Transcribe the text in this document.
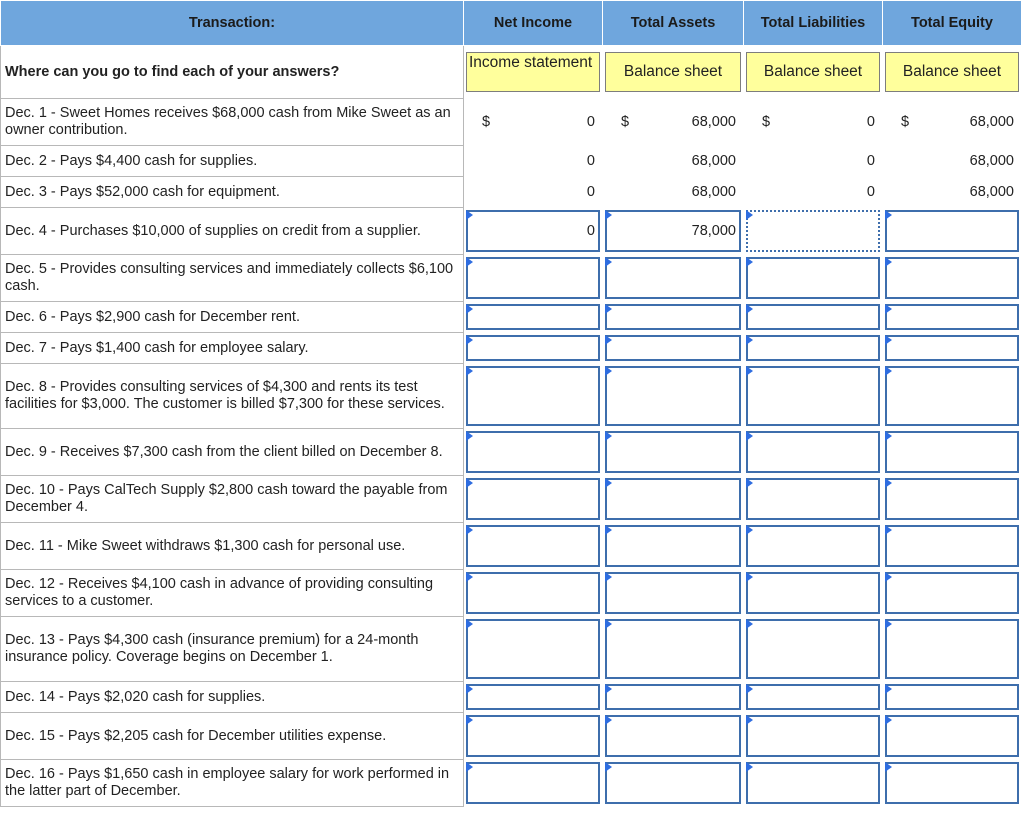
Transaction:	Net Income	Total Assets	Total Liabilities	Total Equity
Where can you go to find each of your answers?	Income statement	Balance sheet	Balance sheet	Balance sheet

Dec. 1 - Sweet Homes receives $68,000 cash from Mike Sweet as an owner contribution.	$ 0	$ 68,000	$ 0	$ 68,000

Dec. 2 - Pays $4,400 cash for supplies.	0	68,000	0	68,000

Dec. 3 - Pays $52,000 cash for equipment.	0	68,000	0	68,000

Dec. 4 - Purchases $10,000 of supplies on credit from a supplier.	0	78,000		

Dec. 5 - Provides consulting services and immediately collects $6,100 cash.	

Dec. 6 - Pays $2,900 cash for December rent.	

Dec. 7 - Pays $1,400 cash for employee salary.	

Dec. 8 - Provides consulting services of $4,300 and rents its test facilities for $3,000. The customer is billed $7,300 for these services.	

Dec. 9 - Receives $7,300 cash from the client billed on December 8.	

Dec. 10 - Pays CalTech Supply $2,800 cash toward the payable from December 4.	

Dec. 11 - Mike Sweet withdraws $1,300 cash for personal use.	

Dec. 12 - Receives $4,100 cash in advance of providing consulting services to a customer.	

Dec. 13 - Pays $4,300 cash (insurance premium) for a 24-month insurance policy. Coverage begins on December 1.	

Dec. 14 - Pays $2,020 cash for supplies.	

Dec. 15 - Pays $2,205 cash for December utilities expense.	

Dec. 16 - Pays $1,650 cash in employee salary for work performed in the latter part of December.	
